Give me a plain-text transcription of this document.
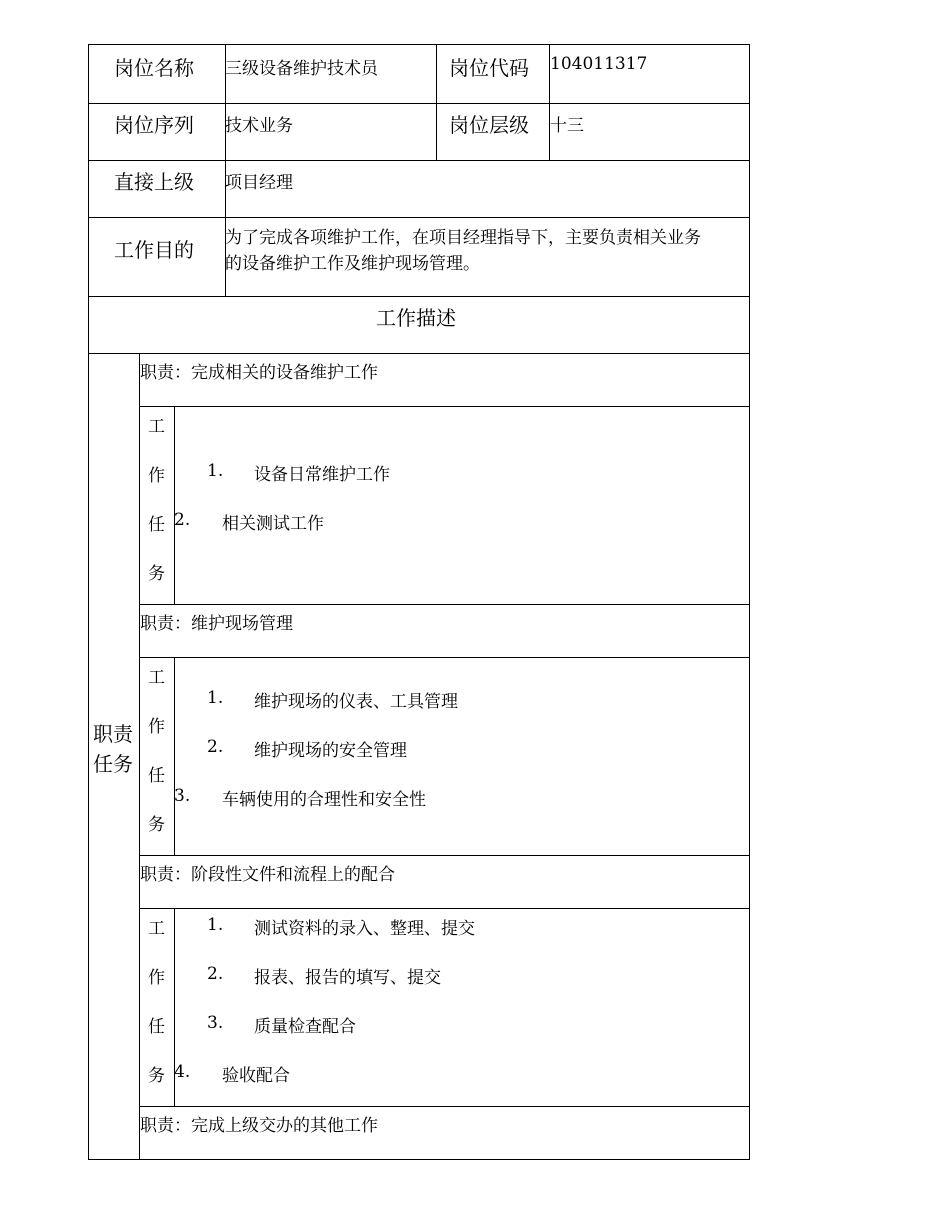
岗位名称 三级设备维护技术员	岗位代码 104011317
岗位序列 技术业务	岗位层级 十三
直接上级 项目经理
工作目的 为了完成各项维护工作，在项目经理指导下，主要负责相关业务
的设备维护工作及维护现场管理。
工作描述
职责
任务
职责：完成相关的设备维护工作
工
作
任
务
1. 设备日常维护工作
2. 相关测试工作
职责：维护现场管理
工
作
任
务
1. 维护现场的仪表、工具管理
2. 维护现场的安全管理
3. 车辆使用的合理性和安全性
职责：阶段性文件和流程上的配合
工
作
任
务
1. 测试资料的录入、整理、提交
2. 报表、报告的填写、提交
3. 质量检查配合
4. 验收配合
职责：完成上级交办的其他工作
